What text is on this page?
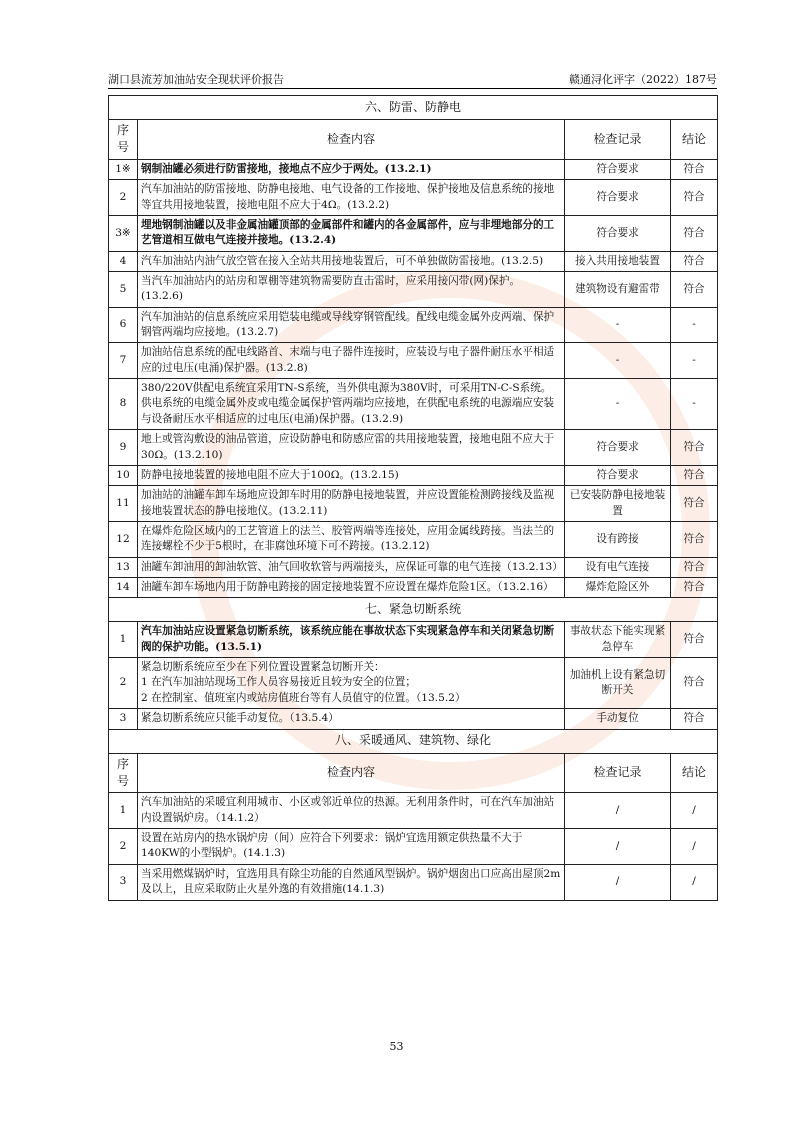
湖口县流芳加油站安全现状评价报告	赣通浔化评字（2022）187号
六、防雷、防静电			
序号	检查内容	检查记录	结论
1※	钢制油罐必须进行防雷接地，接地点不应少于两处。(13.2.1)	符合要求	符合
2	汽车加油站的防雷接地、防静电接地、电气设备的工作接地、保护接地及信息系统的接地等宜共用接地装置，接地电阻不应大于4Ω。(13.2.2)	符合要求	符合
3※	埋地钢制油罐以及非金属油罐顶部的金属部件和罐内的各金属部件，应与非埋地部分的工艺管道相互做电气连接并接地。(13.2.4)	符合要求	符合
4	汽车加油站内油气放空管在接入全站共用接地装置后，可不单独做防雷接地。(13.2.5)	接入共用接地装置	符合
5	当汽车加油站内的站房和罩棚等建筑物需要防直击雷时，应采用接闪带(网)保护。(13.2.6)	建筑物设有避雷带	符合
6	汽车加油站的信息系统应采用铠装电缆或导线穿钢管配线。配线电缆金属外皮两端、保护钢管两端均应接地。(13.2.7)	-	-
7	加油站信息系统的配电线路首、末端与电子器件连接时，应装设与电子器件耐压水平相适应的过电压(电涌)保护器。(13.2.8)	-	-
8	380/220V供配电系统宜采用TN-S系统，当外供电源为380V时，可采用TN-C-S系统。供电系统的电缆金属外皮或电缆金属保护管两端均应接地，在供配电系统的电源端应安装与设备耐压水平相适应的过电压(电涌)保护器。(13.2.9)	-	-
9	地上或管沟敷设的油品管道，应设防静电和防感应雷的共用接地装置，接地电阻不应大于30Ω。(13.2.10)	符合要求	符合
10	防静电接地装置的接地电阻不应大于100Ω。(13.2.15)	符合要求	符合
11	加油站的油罐车卸车场地应设卸车时用的防静电接地装置，并应设置能检测跨接线及监视接地装置状态的静电接地仪。(13.2.11)	已安装防静电接地装置	符合
12	在爆炸危险区域内的工艺管道上的法兰、胶管两端等连接处，应用金属线跨接。当法兰的连接螺栓不少于5根时，在非腐蚀环境下可不跨接。(13.2.12)	设有跨接	符合
13	油罐车卸油用的卸油软管、油气回收软管与两端接头，应保证可靠的电气连接（13.2.13）	设有电气连接	符合
14	油罐车卸车场地内用于防静电跨接的固定接地装置不应设置在爆炸危险1区。（13.2.16）	爆炸危险区外	符合
七、紧急切断系统			
1	汽车加油站应设置紧急切断系统，该系统应能在事故状态下实现紧急停车和关闭紧急切断阀的保护功能。(13.5.1)	事故状态下能实现紧急停车	符合
2	紧急切断系统应至少在下列位置设置紧急切断开关：
1 在汽车加油站现场工作人员容易接近且较为安全的位置；
2 在控制室、值班室内或站房值班台等有人员值守的位置。（13.5.2）	加油机上设有紧急切断开关	符合
3	紧急切断系统应只能手动复位。（13.5.4）	手动复位	符合
八、采暖通风、建筑物、绿化			
序号	检查内容	检查记录	结论
1	汽车加油站的采暖宜利用城市、小区或邻近单位的热源。无利用条件时，可在汽车加油站内设置锅炉房。（14.1.2）	/	/
2	设置在站房内的热水锅炉房（间）应符合下列要求：锅炉宜选用额定供热量不大于140KW的小型锅炉。(14.1.3)	/	/
3	当采用燃煤锅炉时，宜选用具有除尘功能的自然通风型锅炉。锅炉烟囱出口应高出屋顶2m及以上，且应采取防止火星外逸的有效措施(14.1.3)	/	/
53
